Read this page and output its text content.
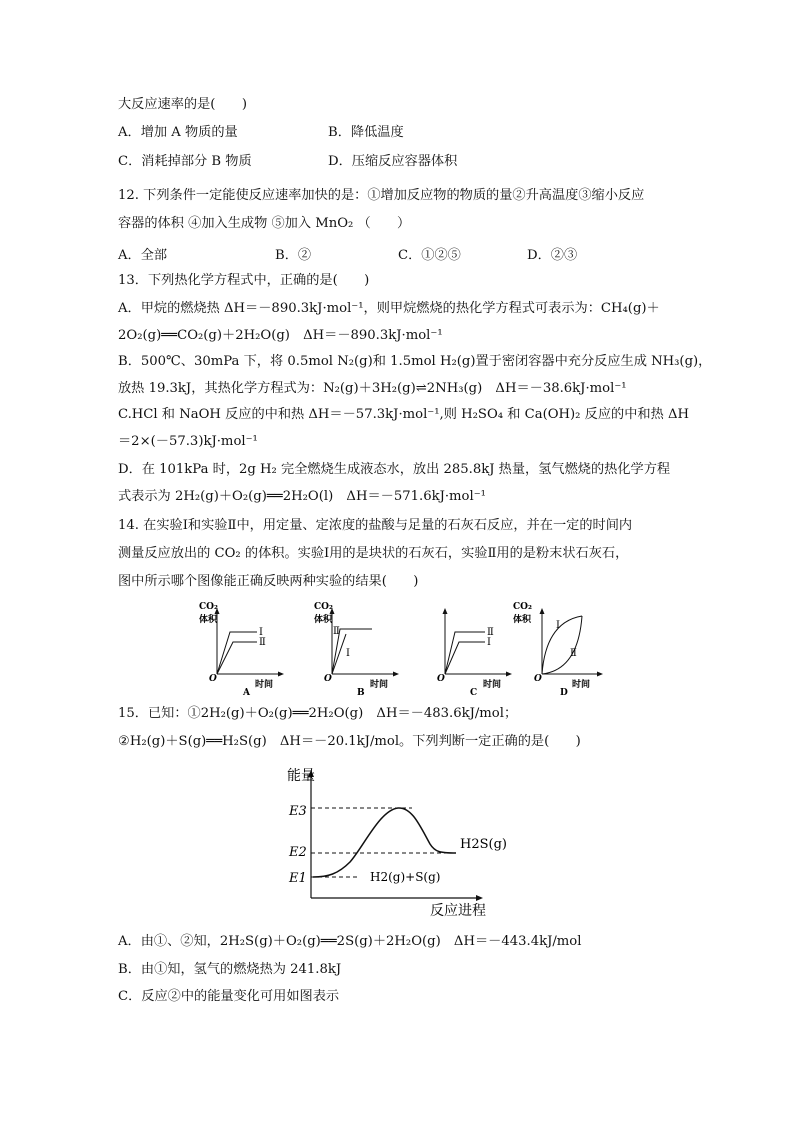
大反应速率的是(　　)
A．增加 A 物质的量	B．降低温度
C．消耗掉部分 B 物质	D．压缩反应容器体积
12. 下列条件一定能使反应速率加快的是：①增加反应物的物质的量②升高温度③缩小反应
容器的体积 ④加入生成物 ⑤加入 MnO₂ （　　）
A．全部	B．②	C．①②⑤	D．②③
13．下列热化学方程式中，正确的是(　　)
A．甲烷的燃烧热 ΔH＝－890.3kJ·mol⁻¹，则甲烷燃烧的热化学方程式可表示为：CH₄(g)＋
2O₂(g)══CO₂(g)＋2H₂O(g)　ΔH＝－890.3kJ·mol⁻¹
B．500℃、30mPa 下，将 0.5mol N₂(g)和 1.5mol H₂(g)置于密闭容器中充分反应生成 NH₃(g)，
放热 19.3kJ，其热化学方程式为：N₂(g)＋3H₂(g)⇌2NH₃(g)　ΔH＝－38.6kJ·mol⁻¹
C.HCl 和 NaOH 反应的中和热 ΔH＝－57.3kJ·mol⁻¹,则 H₂SO₄ 和 Ca(OH)₂ 反应的中和热 ΔH
＝2×(－57.3)kJ·mol⁻¹
D．在 101kPa 时，2g H₂ 完全燃烧生成液态水，放出 285.8kJ 热量，氢气燃烧的热化学方程
式表示为 2H₂(g)＋O₂(g)══2H₂O(l)　ΔH＝－571.6kJ·mol⁻¹
14. 在实验Ⅰ和实验Ⅱ中，用定量、定浓度的盐酸与足量的石灰石反应，并在一定的时间内
测量反应放出的 CO₂ 的体积。实验Ⅰ用的是块状的石灰石，实验Ⅱ用的是粉末状石灰石，
图中所示哪个图像能正确反映两种实验的结果(　　)
CO₂
体积
O
时间
A
Ⅰ
Ⅱ
CO₂
体积
O
时间
B
Ⅱ
Ⅰ
O
时间
C
Ⅱ
Ⅰ
CO₂
体积
O
时间
D
Ⅰ
Ⅱ
15．已知：①2H₂(g)＋O₂(g)══2H₂O(g)　ΔH＝－483.6kJ/mol；
②H₂(g)＋S(g)══H₂S(g)　ΔH＝－20.1kJ/mol。下列判断一定正确的是(　　)
能量
反应进程
E3
E2
E1
H2S(g)
H2(g)+S(g)
A．由①、②知，2H₂S(g)＋O₂(g)══2S(g)＋2H₂O(g)　ΔH＝－443.4kJ/mol
B．由①知，氢气的燃烧热为 241.8kJ
C．反应②中的能量变化可用如图表示
